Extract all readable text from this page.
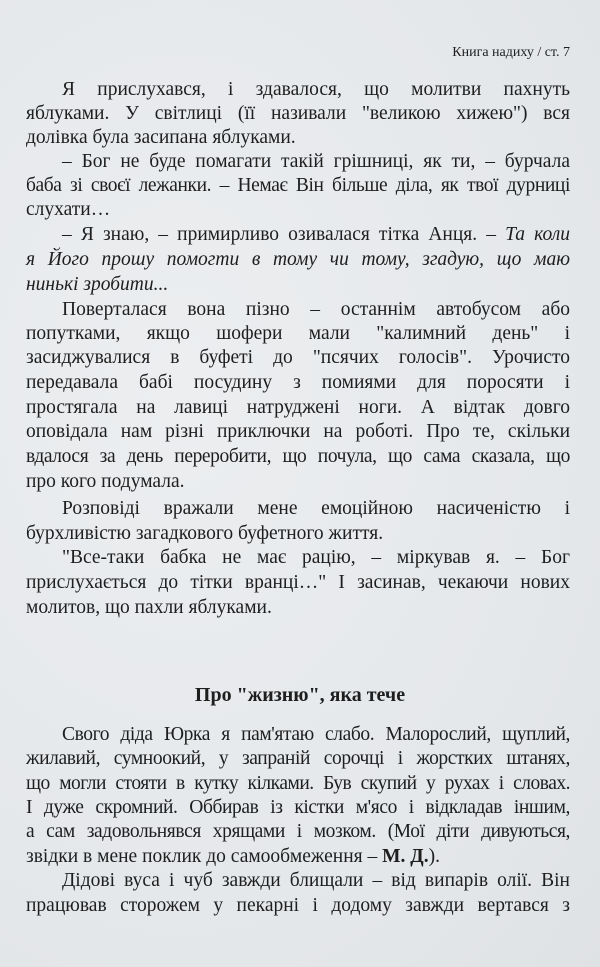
Книга надиху / ст. 7
Я прислухався, і здавалося, що молитви пахнуть
яблуками. У світлиці (її називали "великою хижею") вся
долівка була засипана яблуками.
– Бог не буде помагати такій грішниці, як ти, – бурчала
баба зі своєї лежанки. – Немає Він більше діла, як твої дурниці
слухати…
– Я знаю, – примирливо озивалася тітка Анця. – Та коли
я Його прошу помогти в тому чи тому, згадую, що маю
нинькі зробити...
Поверталася вона пізно – останнім автобусом або
попутками, якщо шофери мали "калимний день" і
засиджувалися в буфеті до "псячих голосів". Урочисто
передавала бабі посудину з помиями для поросяти і
простягала на лавиці натруджені ноги. А відтак довго
оповідала нам різні приключки на роботі. Про те, скільки
вдалося за день переробити, що почула, що сама сказала, що
про кого подумала.
Розповіді вражали мене емоційною насиченістю і
бурхливістю загадкового буфетного життя.
"Все-таки бабка не має рацію, – міркував я. – Бог
прислухається до тітки вранці…" І засинав, чекаючи нових
молитов, що пахли яблуками.
Про "жизню", яка тече
Свого діда Юрка я пам'ятаю слабо. Малорослий, щуплий,
жилавий, сумноокий, у запраній сорочці і жорстких штанях,
що могли стояти в кутку кілками. Був скупий у рухах і словах.
І дуже скромний. Оббирав із кістки м'ясо і відкладав іншим,
а сам задовольнявся хрящами і мозком. (Мої діти дивуються,
звідки в мене поклик до самообмеження – М. Д.).
Дідові вуса і чуб завжди блищали – від випарів олії. Він
працював сторожем у пекарні і додому завжди вертався з
